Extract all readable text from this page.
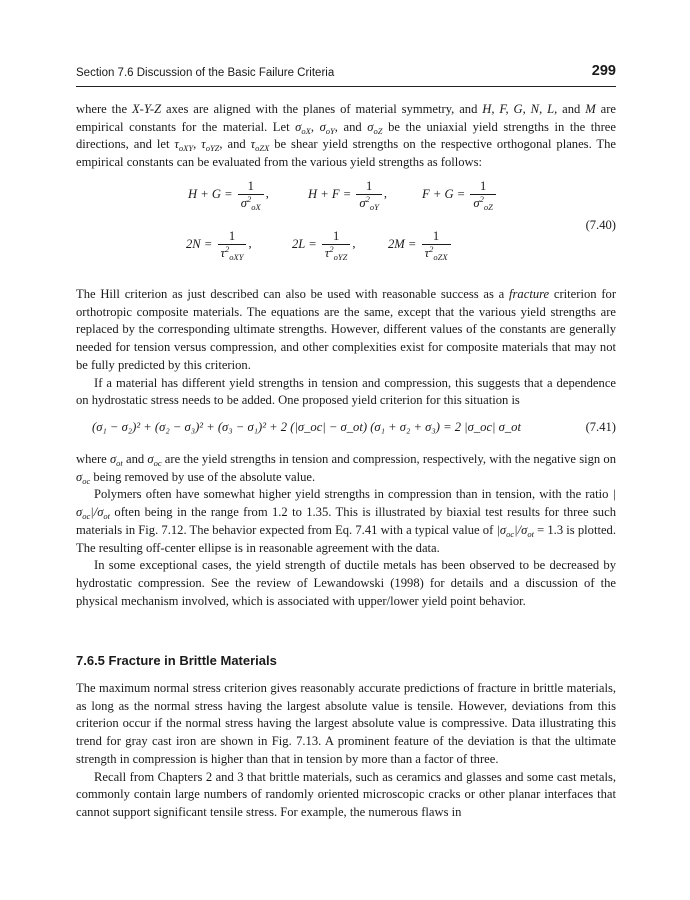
Section 7.6 Discussion of the Basic Failure Criteria	299

where the X-Y-Z axes are aligned with the planes of material symmetry, and H, F, G, N, L, and M are empirical constants for the material. Let $\sigma_{oX}$, $\sigma_{oY}$, and $\sigma_{oZ}$ be the uniaxial yield strengths in the three directions, and let $\tau_{oXY}$, $\tau_{oYZ}$, and $\tau_{oZX}$ be shear yield strengths on the respective orthogonal planes. The empirical constants can be evaluated from the various yield strengths as follows:

$H + G = \frac{1}{\sigma^2_{oX}}$ ,	$H + F = \frac{1}{\sigma^2_{oY}}$ ,	$F + G = \frac{1}{\sigma^2_{oZ}}$
$2N = \frac{1}{\tau^2_{oXY}}$ ,	$2L = \frac{1}{\tau^2_{oYZ}}$ ,	$2M = \frac{1}{\tau^2_{oZX}}$
(7.40)

The Hill criterion as just described can also be used with reasonable success as a fracture criterion for orthotropic composite materials. The equations are the same, except that the various yield strengths are replaced by the corresponding ultimate strengths. However, different values of the constants are generally needed for tension versus compression, and other complexities exist for composite materials that may not be fully predicted by this criterion.

If a material has different yield strengths in tension and compression, this suggests that a dependence on hydrostatic stress needs to be added. One proposed yield criterion for this situation is

(σ₁ − σ₂)² + (σ₂ − σ₃)² + (σ₃ − σ₁)² + 2 (|σ_oc| − σ_ot) (σ₁ + σ₂ + σ₃) = 2 |σ_oc| σ_ot	(7.41)

where $\sigma_{ot}$ and $\sigma_{oc}$ are the yield strengths in tension and compression, respectively, with the negative sign on $\sigma_{oc}$ being removed by use of the absolute value.

Polymers often have somewhat higher yield strengths in compression than in tension, with the ratio $|\sigma_{oc}|/\sigma_{ot}$ often being in the range from 1.2 to 1.35. This is illustrated by biaxial test results for three such materials in Fig. 7.12. The behavior expected from Eq. 7.41 with a typical value of $|\sigma_{oc}|/\sigma_{ot} = 1.3$ is plotted. The resulting off-center ellipse is in reasonable agreement with the data.

In some exceptional cases, the yield strength of ductile metals has been observed to be decreased by hydrostatic compression. See the review of Lewandowski (1998) for details and a discussion of the physical mechanism involved, which is associated with upper/lower yield point behavior.

7.6.5 Fracture in Brittle Materials

The maximum normal stress criterion gives reasonably accurate predictions of fracture in brittle materials, as long as the normal stress having the largest absolute value is tensile. However, deviations from this criterion occur if the normal stress having the largest absolute value is compressive. Data illustrating this trend for gray cast iron are shown in Fig. 7.13. A prominent feature of the deviation is that the ultimate strength in compression is higher than that in tension by more than a factor of three.

Recall from Chapters 2 and 3 that brittle materials, such as ceramics and glasses and some cast metals, commonly contain large numbers of randomly oriented microscopic cracks or other planar interfaces that cannot support significant tensile stress. For example, the numerous flaws in
